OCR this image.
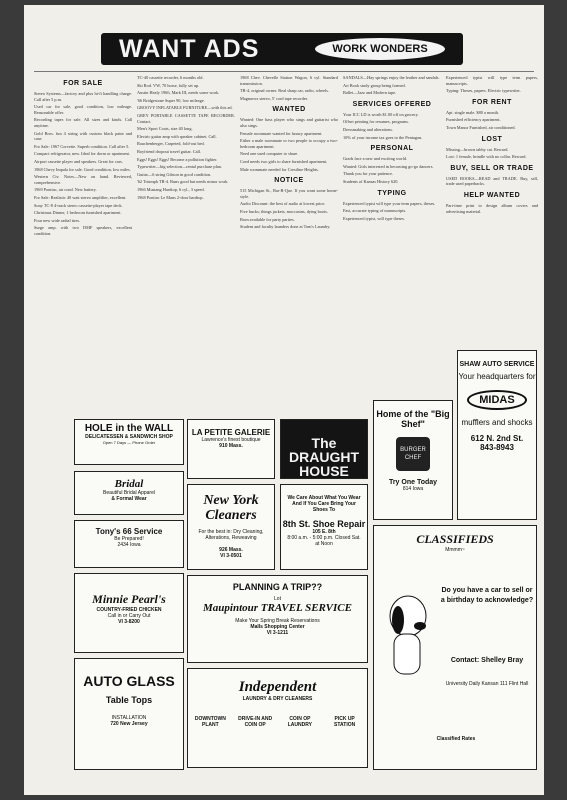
WANT ADS	WORK WONDERS
FOR SALE

Stereo Systems—factory and plus hi-fi handling charge. Call after 5 p.m.

Used car for sale, good condition, low mileage. Reasonable offer.

Recording tapes for sale. All sizes and kinds. Call anytime.

Gold Bros. fun 4 string with custom black paint and case.

For Sale: 1967 Corvette. Superb condition. Call after 5.

Compact refrigerator, new. Ideal for dorm or apartment.

Airport cassette player and speakers. Great for cars.

1968 Chevy Impala for sale. Good condition, low miles.

Western Civ. Notes—New on hand. Reviewed, comprehensive.

1969 Pontiac, air cond. New battery.

For Sale: Realistic 40 watt stereo amplifier, excellent.

Sony TC-8 4-track stereo cassette-player tape deck.

Christmas Dinner, 1 bedroom furnished apartment.

Four new wide radial tires.

Surge amp. with two DMF speakers, excellent condition.

TC-40 cassette recorder, 6 months old.

Ski Rod. VW, 70 horse, fully set up.

Austin Healy 1966, Mark III, needs some work.

'66 Bridgestone Super 90, low mileage.

GROOVY INFLATABLE FURNITURE—with this ad.

GREY PORTABLE CASSETTE TAPE RECORDER. Contact.

Men's Sport Coats, size 40 long.

Electric guitar amp with speaker cabinet. Call.

Rauchenberger, Carpeted, fold-out bed.

Boyfriend dropout travel guitar. Call.

Eggs! Eggs! Eggs! Become a pollution fighter.

Typewriter—big selection—rental purchase plan.

Guitar—6 string Gibson in good condition.

'62 Triumph TR-4. Runs good but needs minor work.

1966 Mustang Hardtop, 6 cyl., 3 speed.

1968 Pontiac Le Mans 2-door hardtop.

1968 Chev. Chevelle Station Wagon, 6 cyl. Standard transmission.

TR-4, original owner. Real sharp car, radio, wheels.

Magnavox stereo, 5' cord tape recorder.

WANTED

Wanted: One bass player who sings and guitarist who also sings.

Female roommate wanted for luxury apartment.

Either a male roommate or two people to occupy a two-bedroom apartment.

Need one used computer to share.

Coed needs two girls to share furnished apartment.

Male roommate needed for Crestline Heights.

NOTICE

515 Michigan St., Bar-B-Que. If you want some home-style.

Audio Discount: the best of audio at lowest price.

Five bucks; things jackets, moccasins, dying boots.

Born available for party parties.

Student and faculty launders done at Tom's Laundry.

SANDALS—Hay springs enjoy the leather and sandals.

Art Book study group being formed.

Ballet—Jazz and Modern tape.

SERVICES OFFERED

Your ICC LD is worth $1.00 off on grocery.

Offset printing for resumes, programs.

Dressmaking and alterations.

10% of your income tax goes to the Pentagon.

PERSONAL

Grads face a new and exciting world.

Wanted: Girls interested in becoming go-go dancers.

Thank you for your patience.

Students of Kansas History 620.

TYPING

Experienced typist will type your term papers, theses.

Fast, accurate typing of manuscripts.

Experienced typist, will type theses.

Experienced typist will type term papers, manuscripts.

Typing: Theses, papers. Electric typewriter.

FOR RENT

Apt. single male. $80 a month.

Furnished efficiency apartment.

Town Manor Furnished, air conditioned.

LOST

Missing—brown tabby cat. Reward.

Lost: 1 female, brindle with no collar. Reward.

BUY, SELL OR TRADE

USED BOOKS—READ and TRADE. Buy, sell, trade used paperbacks.

HELP WANTED

Part-time print to design album covers and advertising material.

HOLE in the WALL
DELICATESSEN & SANDWICH SHOP
Open 7 Days — Phone Order
Bridal
Beautiful Bridal Apparel
& Formal Wear
Tony's 66 Service
Be Prepared!
2434 Iowa
Minnie Pearl's
COUNTRY-FRIED CHICKEN
Call in or Carry Out
VI 3-8200
AUTO GLASS
Table Tops
INSTALLATION
720 New Jersey
LA PETITE GALERIE
Lawrence's finest boutique
910 Mass.	The DRAUGHT HOUSE
New York Cleaners
For the best in: Dry Cleaning, Alterations, Reweaving
926 Mass.
VI 3-0501
We Care About What You Wear And If You Care Bring Your Shoes To
8th St. Shoe Repair
105 E. 8th
8:00 a.m. - 5:00 p.m. Closed Sat. at Noon
PLANNING A TRIP??
Lot
Maupintour TRAVEL SERVICE
Make Your Spring Break Reservations
Malls Shopping Center
VI 3-1211
Independent
LAUNDRY & DRY CLEANERS
DOWNTOWN PLANT
DRIVE-IN AND COIN OP
COIN OP LAUNDRY
PICK UP STATION
Home of the "Big Shef"
BURGER CHEF
Try One Today
814 Iowa
SHAW AUTO SERVICE
Your headquarters for
MIDAS
mufflers and shocks
612 N. 2nd St.
843-8943
CLASSIFIEDS
Mmmm~
Do you have a car to sell or a birthday to acknowledge?
Contact: Shelley Bray
University Daily Kansan 111 Flint Hall
Classified Rates
